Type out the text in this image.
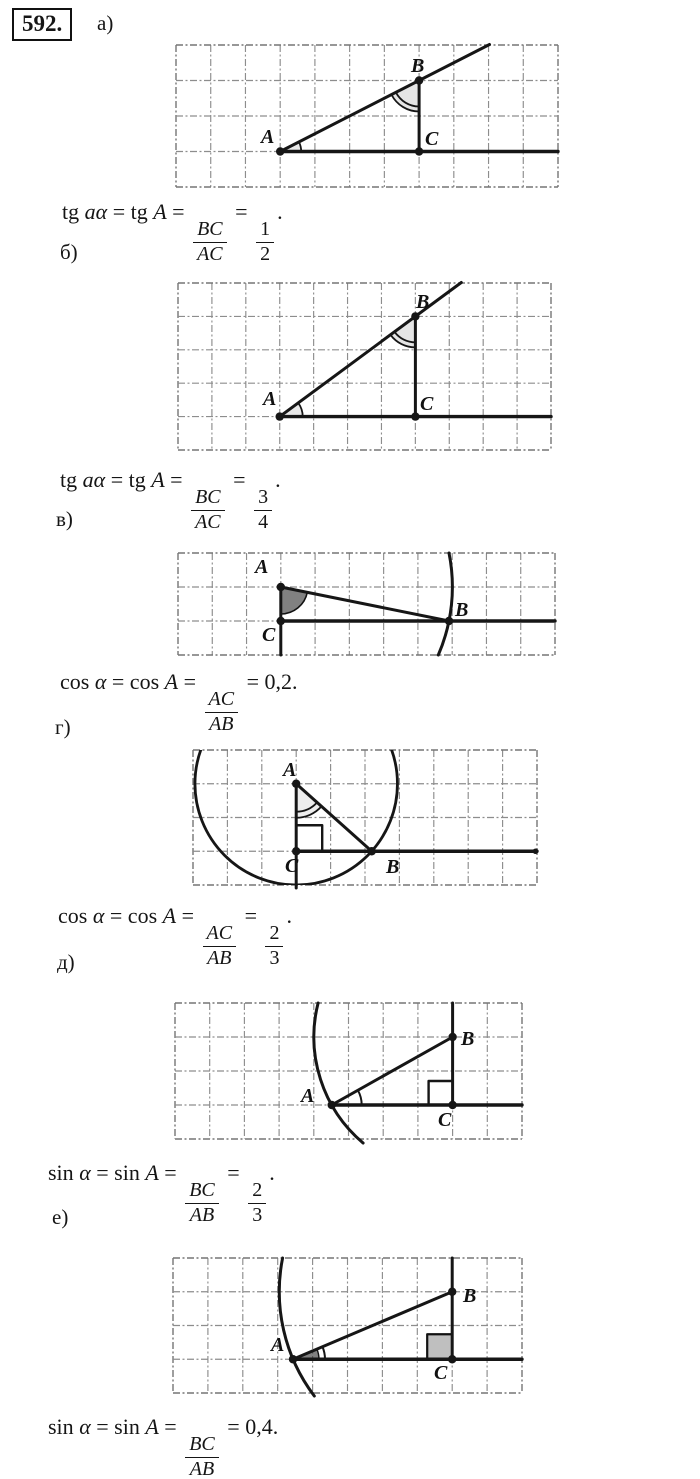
592.	а)
A
B
C
tg aα = tg A =
$\frac{BC}{AC}$
=
$\frac{1}{2}$
.
б)
A
B
C
tg aα = tg A =
$\frac{BC}{AC}$
=
$\frac{3}{4}$
.
в)
A
B
C
cos α = cos A =
$\frac{AC}{AB}$
= 0,2.
г)
A
B
C
cos α = cos A =
$\frac{AC}{AB}$
=
$\frac{2}{3}$
.
д)
A
B
C
sin α = sin A =
$\frac{BC}{AB}$
=
$\frac{2}{3}$
.
е)
A
B
C
sin α = sin A =
$\frac{BC}{AB}$
= 0,4.
